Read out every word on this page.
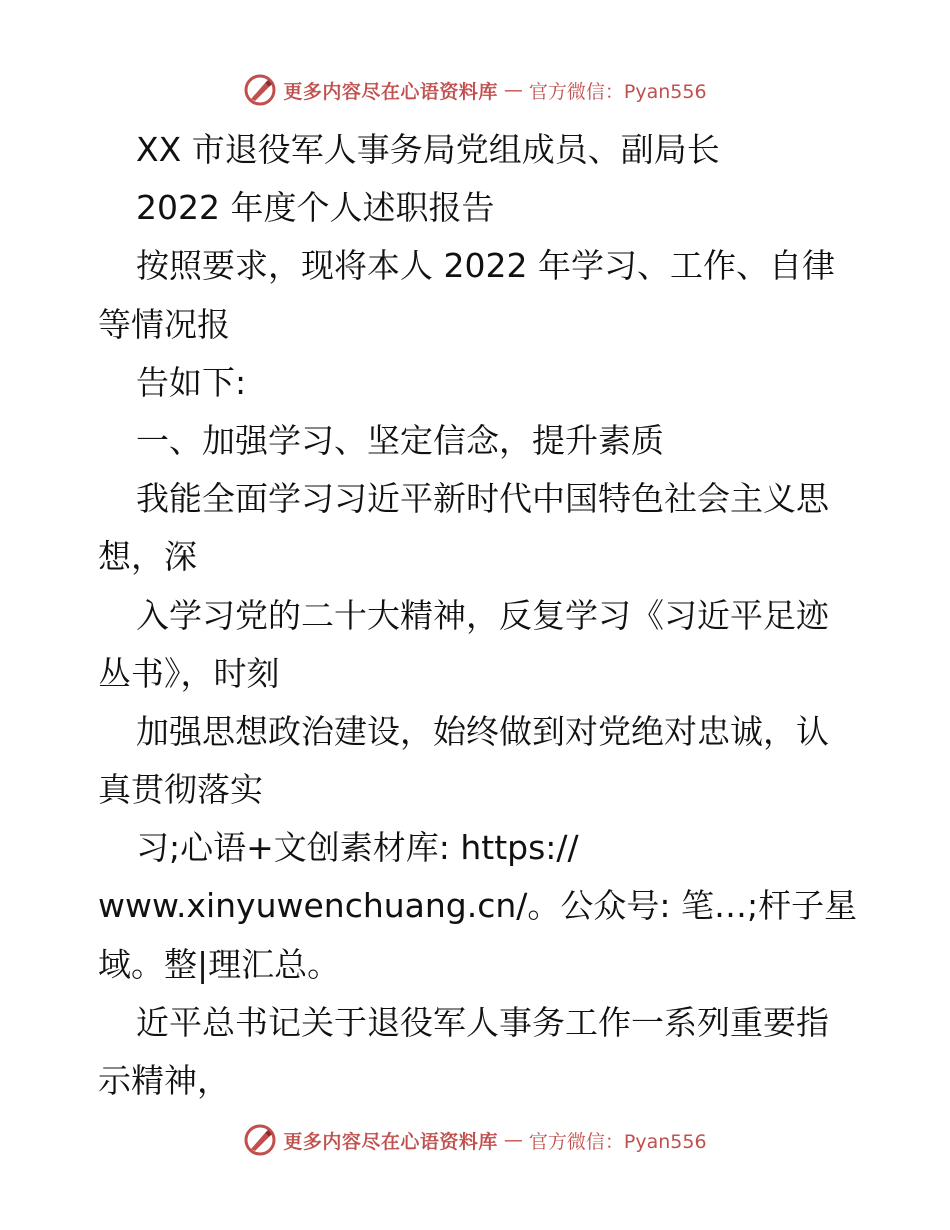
更多内容尽在心语资料库 — 官方微信：Pyan556
XX 市退役军人事务局党组成员、副局长
2022 年度个人述职报告
按照要求，现将本人 2022 年学习、工作、自律
等情况报
告如下:
一、加强学习、坚定信念，提升素质
我能全面学习习近平新时代中国特色社会主义思
想，深
入学习党的二十大精神，反复学习《习近平足迹
丛书》，时刻
加强思想政治建设，始终做到对党绝对忠诚，认
真贯彻落实
习;心语+文创素材库: https://
www.xinyuwenchuang.cn/。公众号: 笔…;杆子星
域。整|理汇总。
近平总书记关于退役军人事务工作一系列重要指
示精神，
更多内容尽在心语资料库 — 官方微信：Pyan556
